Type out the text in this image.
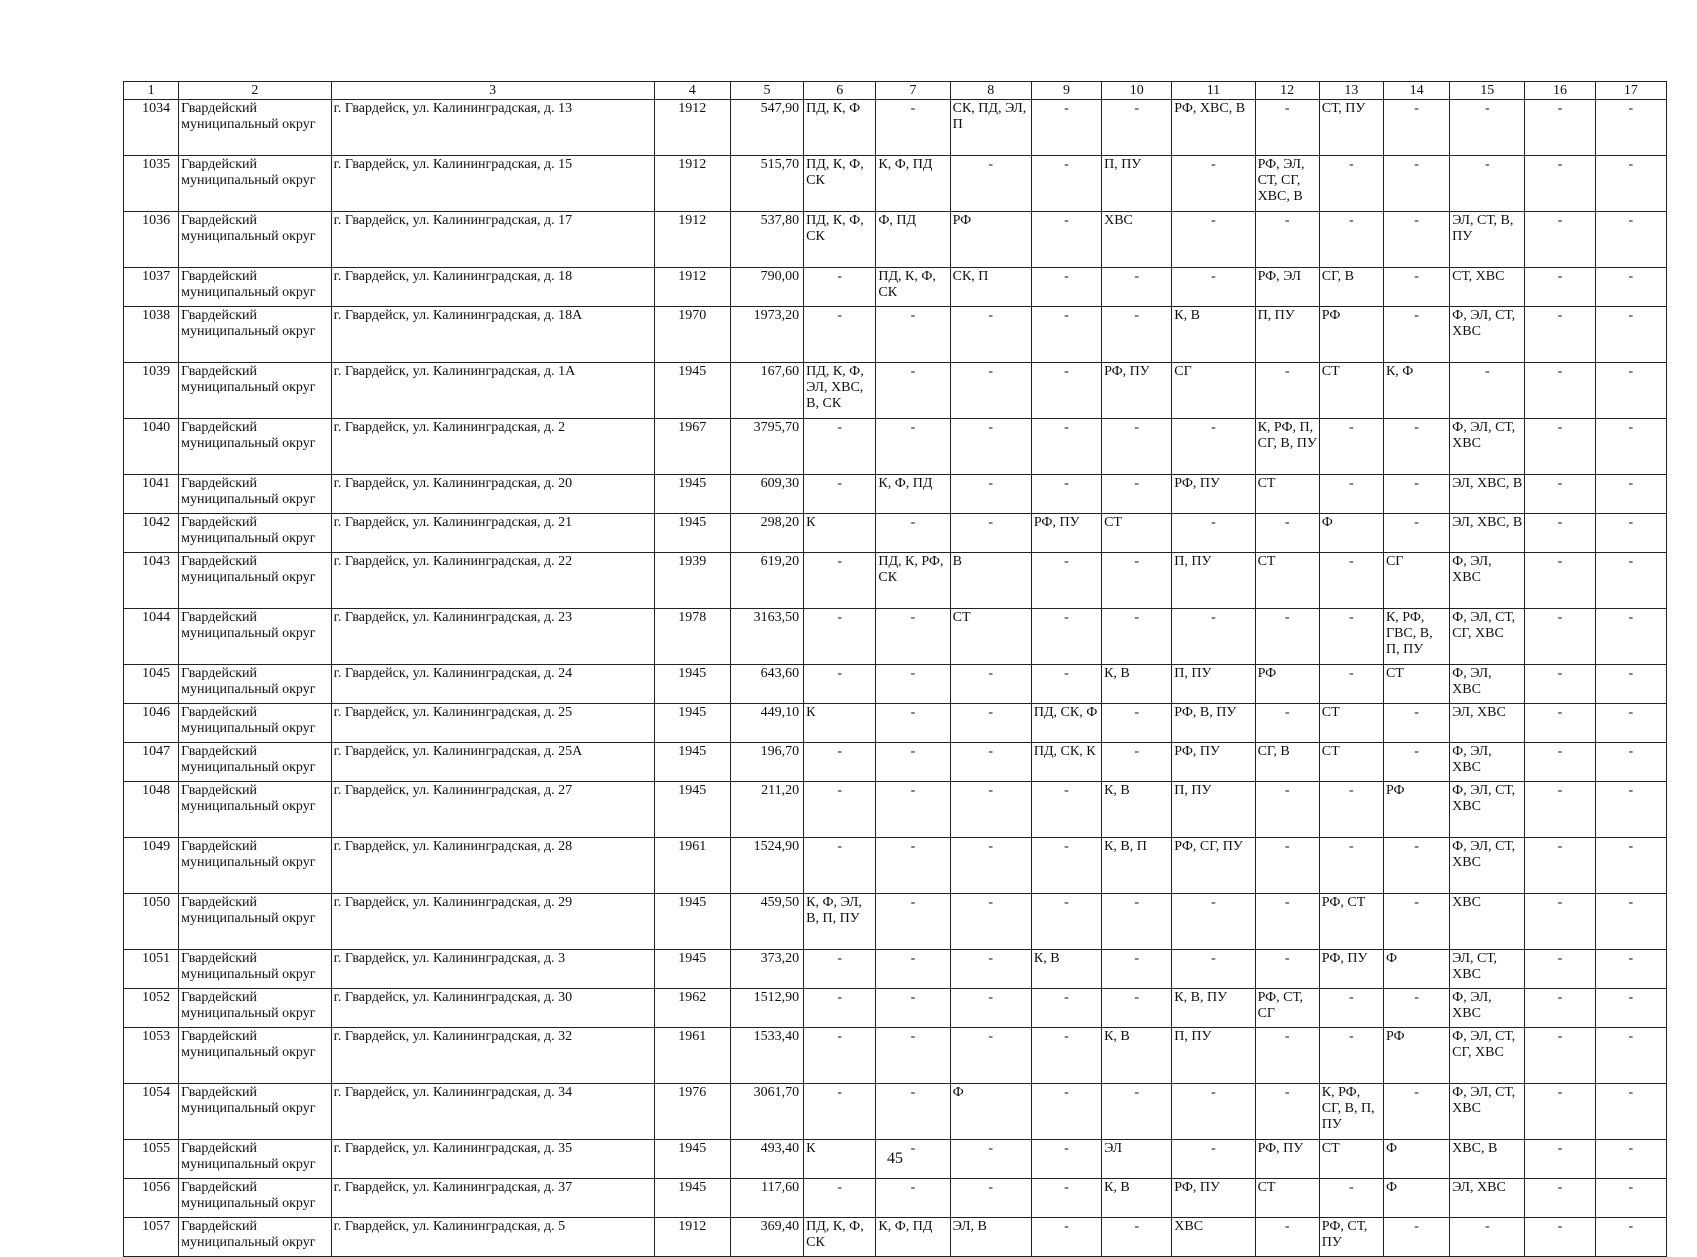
1	2	3	4	5	6	7	8	9	10	11	12	13	14	15	16	17
1034	Гвардейский муниципальный округ	г. Гвардейск, ул. Калининградская, д. 13	1912	547,90	ПД, К, Ф	-	СК, ПД, ЭЛ, П	-	-	РФ, ХВС, В	-	СТ, ПУ	-	-	-	-
1035	Гвардейский муниципальный округ	г. Гвардейск, ул. Калининградская, д. 15	1912	515,70	ПД, К, Ф, СК	К, Ф, ПД	-	-	П, ПУ	-	РФ, ЭЛ, СТ, СГ, ХВС, В	-	-	-	-	-
1036	Гвардейский муниципальный округ	г. Гвардейск, ул. Калининградская, д. 17	1912	537,80	ПД, К, Ф, СК	Ф, ПД	РФ	-	ХВС	-	-	-	-	ЭЛ, СТ, В, ПУ	-	-
1037	Гвардейский муниципальный округ	г. Гвардейск, ул. Калининградская, д. 18	1912	790,00	-	ПД, К, Ф, СК	СК, П	-	-	-	РФ, ЭЛ	СГ, В	-	СТ, ХВС	-	-
1038	Гвардейский муниципальный округ	г. Гвардейск, ул. Калининградская, д. 18А	1970	1973,20	-	-	-	-	-	К, В	П, ПУ	РФ	-	Ф, ЭЛ, СТ, ХВС	-	-
1039	Гвардейский муниципальный округ	г. Гвардейск, ул. Калининградская, д. 1А	1945	167,60	ПД, К, Ф, ЭЛ, ХВС, В, СК	-	-	-	РФ, ПУ	СГ	-	СТ	К, Ф	-	-	-
1040	Гвардейский муниципальный округ	г. Гвардейск, ул. Калининградская, д. 2	1967	3795,70	-	-	-	-	-	-	К, РФ, П, СГ, В, ПУ	-	-	Ф, ЭЛ, СТ, ХВС	-	-
1041	Гвардейский муниципальный округ	г. Гвардейск, ул. Калининградская, д. 20	1945	609,30	-	К, Ф, ПД	-	-	-	РФ, ПУ	СТ	-	-	ЭЛ, ХВС, В	-	-
1042	Гвардейский муниципальный округ	г. Гвардейск, ул. Калининградская, д. 21	1945	298,20	К	-	-	РФ, ПУ	СТ	-	-	Ф	-	ЭЛ, ХВС, В	-	-
1043	Гвардейский муниципальный округ	г. Гвардейск, ул. Калининградская, д. 22	1939	619,20	-	ПД, К, РФ, СК	В	-	-	П, ПУ	СТ	-	СГ	Ф, ЭЛ, ХВС	-	-
1044	Гвардейский муниципальный округ	г. Гвардейск, ул. Калининградская, д. 23	1978	3163,50	-	-	СТ	-	-	-	-	-	К, РФ, ГВС, В, П, ПУ	Ф, ЭЛ, СТ, СГ, ХВС	-	-
1045	Гвардейский муниципальный округ	г. Гвардейск, ул. Калининградская, д. 24	1945	643,60	-	-	-	-	К, В	П, ПУ	РФ	-	СТ	Ф, ЭЛ, ХВС	-	-
1046	Гвардейский муниципальный округ	г. Гвардейск, ул. Калининградская, д. 25	1945	449,10	К	-	-	ПД, СК, Ф	-	РФ, В, ПУ	-	СТ	-	ЭЛ, ХВС	-	-
1047	Гвардейский муниципальный округ	г. Гвардейск, ул. Калининградская, д. 25А	1945	196,70	-	-	-	ПД, СК, К	-	РФ, ПУ	СГ, В	СТ	-	Ф, ЭЛ, ХВС	-	-
1048	Гвардейский муниципальный округ	г. Гвардейск, ул. Калининградская, д. 27	1945	211,20	-	-	-	-	К, В	П, ПУ	-	-	РФ	Ф, ЭЛ, СТ, ХВС	-	-
1049	Гвардейский муниципальный округ	г. Гвардейск, ул. Калининградская, д. 28	1961	1524,90	-	-	-	-	К, В, П	РФ, СГ, ПУ	-	-	-	Ф, ЭЛ, СТ, ХВС	-	-
1050	Гвардейский муниципальный округ	г. Гвардейск, ул. Калининградская, д. 29	1945	459,50	К, Ф, ЭЛ, В, П, ПУ	-	-	-	-	-	-	РФ, СТ	-	ХВС	-	-
1051	Гвардейский муниципальный округ	г. Гвардейск, ул. Калининградская, д. 3	1945	373,20	-	-	-	К, В	-	-	-	РФ, ПУ	Ф	ЭЛ, СТ, ХВС	-	-
1052	Гвардейский муниципальный округ	г. Гвардейск, ул. Калининградская, д. 30	1962	1512,90	-	-	-	-	-	К, В, ПУ	РФ, СТ, СГ	-	-	Ф, ЭЛ, ХВС	-	-
1053	Гвардейский муниципальный округ	г. Гвардейск, ул. Калининградская, д. 32	1961	1533,40	-	-	-	-	К, В	П, ПУ	-	-	РФ	Ф, ЭЛ, СТ, СГ, ХВС	-	-
1054	Гвардейский муниципальный округ	г. Гвардейск, ул. Калининградская, д. 34	1976	3061,70	-	-	Ф	-	-	-	-	К, РФ, СГ, В, П, ПУ	-	Ф, ЭЛ, СТ, ХВС	-	-
1055	Гвардейский муниципальный округ	г. Гвардейск, ул. Калининградская, д. 35	1945	493,40	К	-	-	-	ЭЛ	-	РФ, ПУ	СТ	Ф	ХВС, В	-	-
1056	Гвардейский муниципальный округ	г. Гвардейск, ул. Калининградская, д. 37	1945	117,60	-	-	-	-	К, В	РФ, ПУ	СТ	-	Ф	ЭЛ, ХВС	-	-
1057	Гвардейский муниципальный округ	г. Гвардейск, ул. Калининградская, д. 5	1912	369,40	ПД, К, Ф, СК	К, Ф, ПД	ЭЛ, В	-	-	ХВС	-	РФ, СТ, ПУ	-	-	-	-
45
